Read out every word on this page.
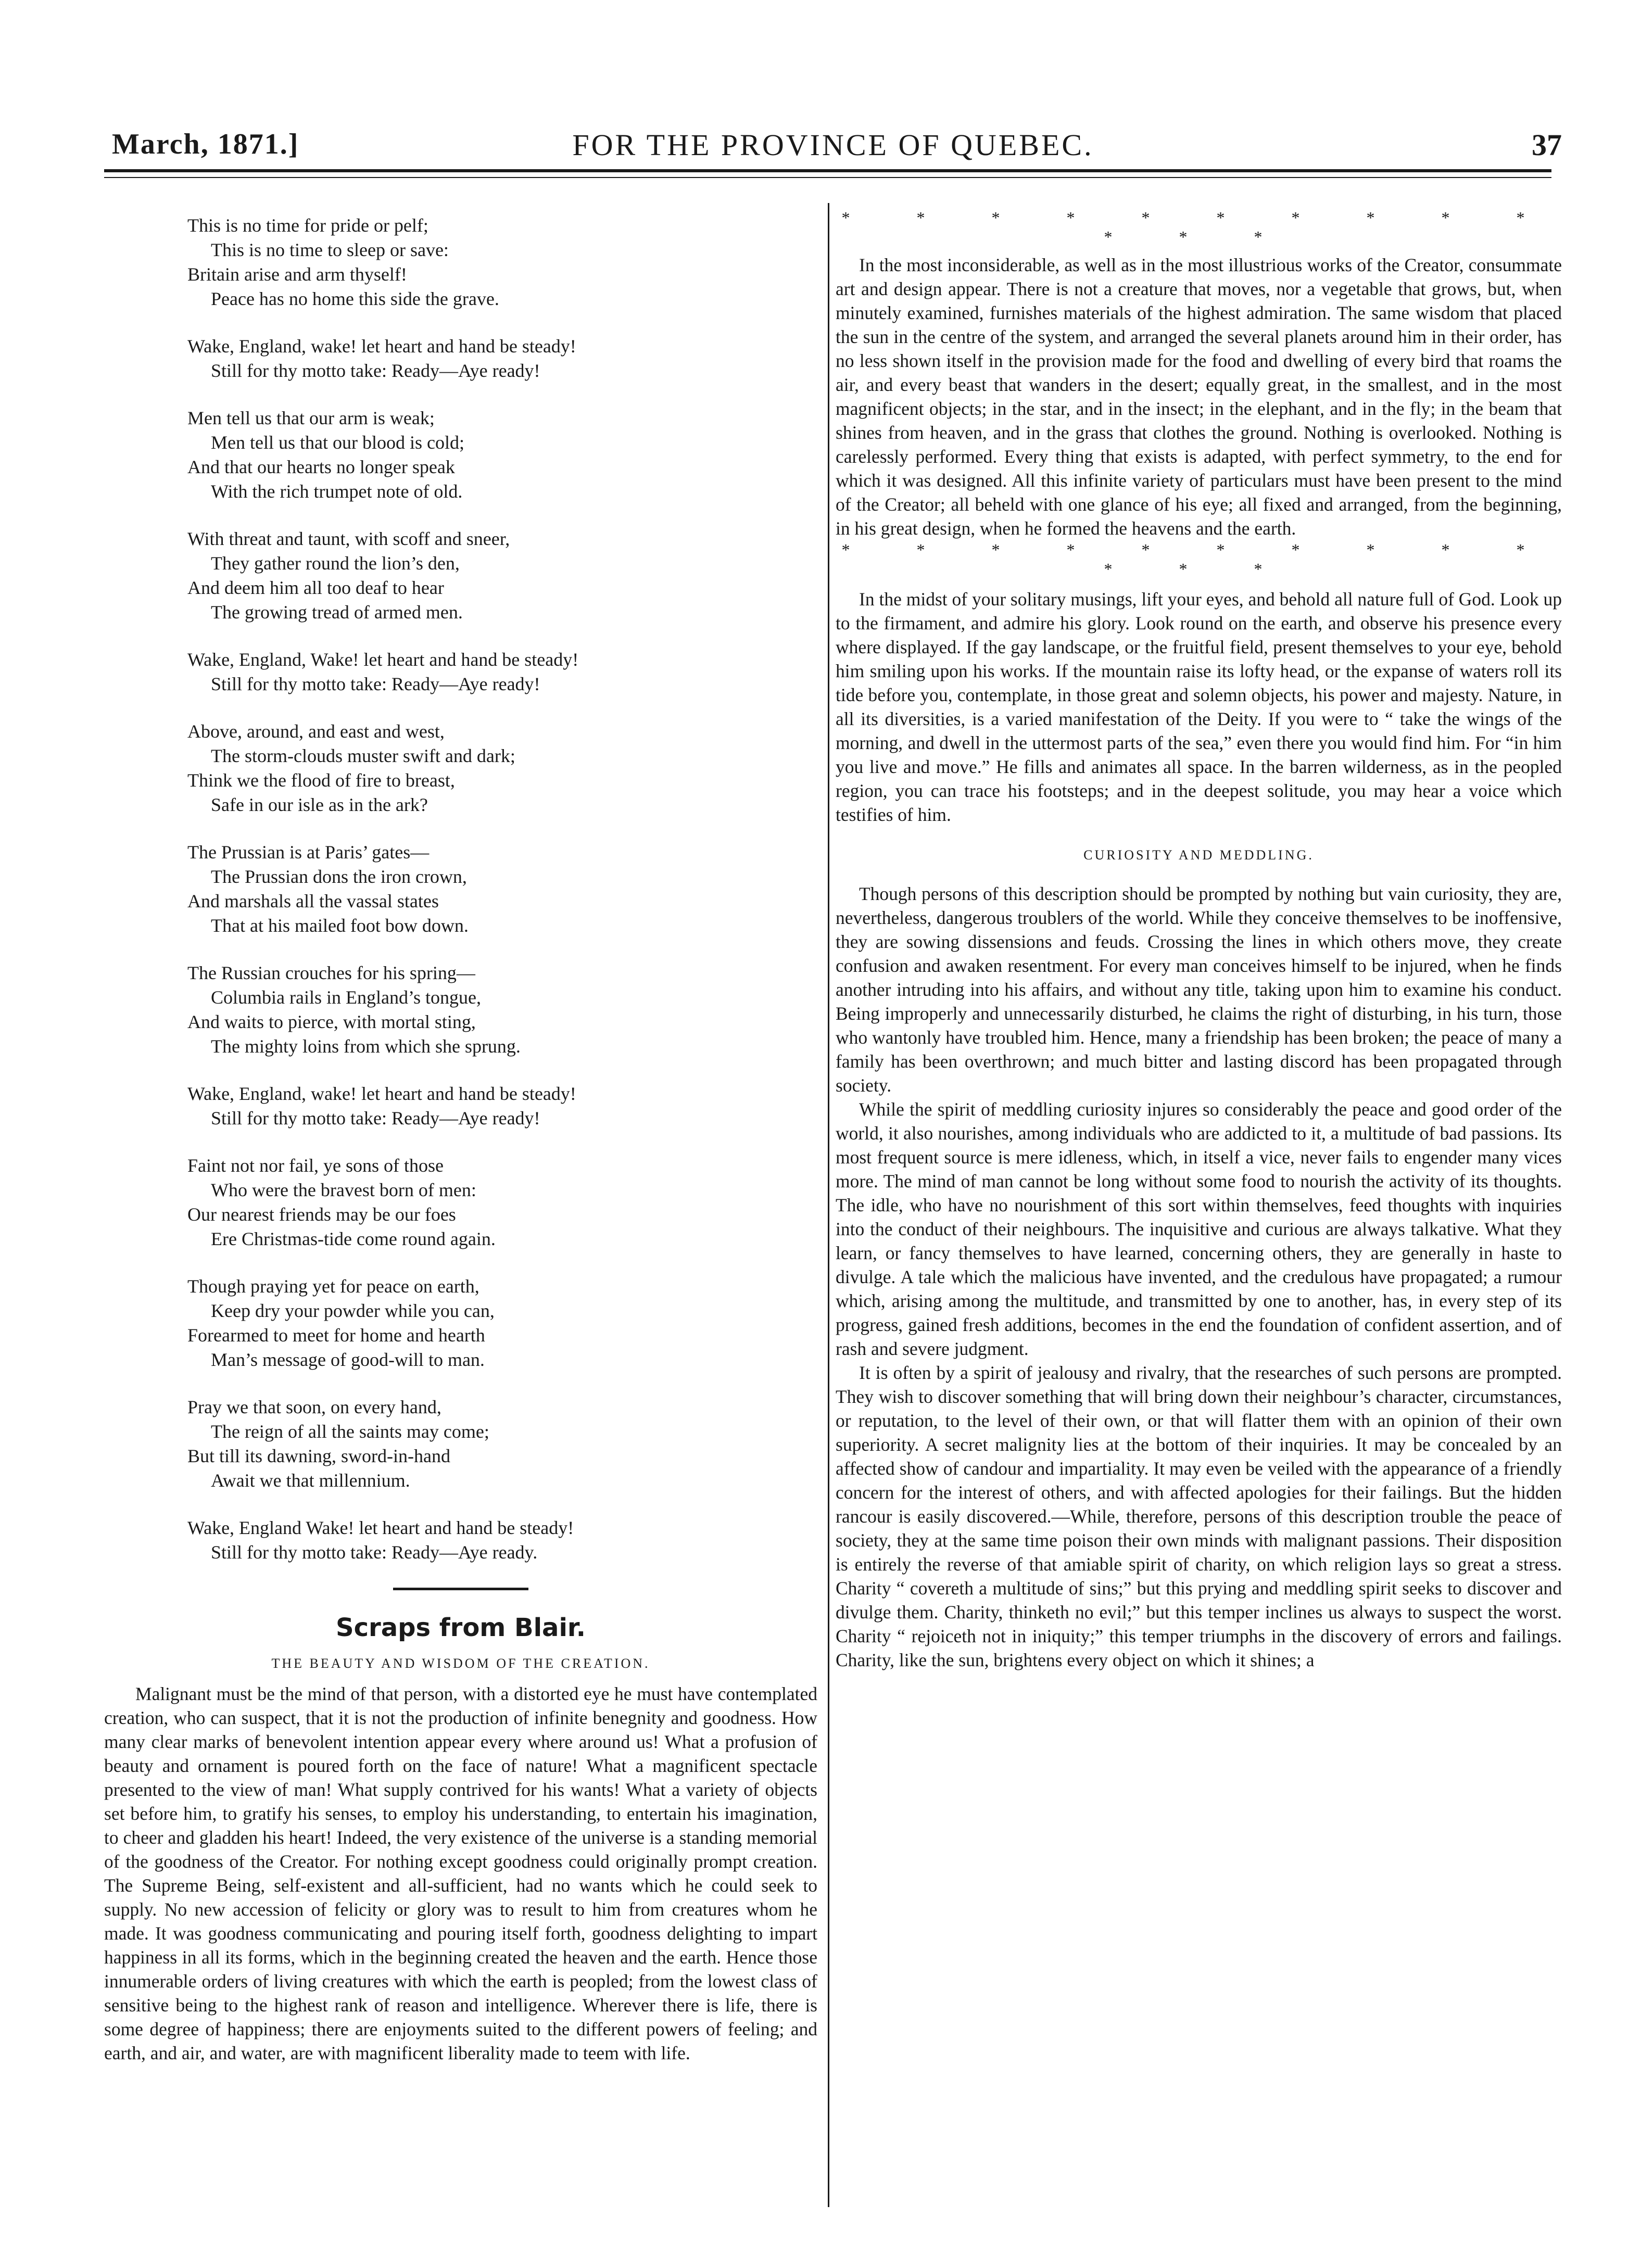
March, 1871.]	FOR THE PROVINCE OF QUEBEC.	37
This is no time for pride or pelf;
This is no time to sleep or save:
Britain arise and arm thyself!
Peace has no home this side the grave.
Wake, England, wake! let heart and hand be steady!
Still for thy motto take: Ready—Aye ready!
Men tell us that our arm is weak;
Men tell us that our blood is cold;
And that our hearts no longer speak
With the rich trumpet note of old.
With threat and taunt, with scoff and sneer,
They gather round the lion’s den,
And deem him all too deaf to hear
The growing tread of armed men.
Wake, England, Wake! let heart and hand be steady!
Still for thy motto take: Ready—Aye ready!
Above, around, and east and west,
The storm-clouds muster swift and dark;
Think we the flood of fire to breast,
Safe in our isle as in the ark?
The Prussian is at Paris’ gates—
The Prussian dons the iron crown,
And marshals all the vassal states
That at his mailed foot bow down.
The Russian crouches for his spring—
Columbia rails in England’s tongue,
And waits to pierce, with mortal sting,
The mighty loins from which she sprung.
Wake, England, wake! let heart and hand be steady!
Still for thy motto take: Ready—Aye ready!
Faint not nor fail, ye sons of those
Who were the bravest born of men:
Our nearest friends may be our foes
Ere Christmas-tide come round again.
Though praying yet for peace on earth,
Keep dry your powder while you can,
Forearmed to meet for home and hearth
Man’s message of good-will to man.
Pray we that soon, on every hand,
The reign of all the saints may come;
But till its dawning, sword-in-hand
Await we that millennium.
Wake, England Wake! let heart and hand be steady!
Still for thy motto take: Ready—Aye ready.
Scraps from Blair.
THE BEAUTY AND WISDOM OF THE CREATION.

Malignant must be the mind of that person, with a distorted eye he must have contemplated creation, who can suspect, that it is not the production of infinite benegnity and goodness. How many clear marks of benevolent intention appear every where around us! What a profusion of beauty and ornament is poured forth on the face of nature! What a magnificent spectacle presented to the view of man! What supply contrived for his wants! What a variety of objects set before him, to gratify his senses, to employ his understanding, to entertain his imagination, to cheer and gladden his heart! Indeed, the very existence of the universe is a standing memorial of the goodness of the Creator. For nothing except goodness could originally prompt creation. The Supreme Being, self-existent and all-sufficient, had no wants which he could seek to supply. No new accession of felicity or glory was to result to him from creatures whom he made. It was goodness communicating and pouring itself forth, goodness delighting to impart happiness in all its forms, which in the beginning created the heaven and the earth. Hence those innumerable orders of living creatures with which the earth is peopled; from the lowest class of sensitive being to the highest rank of reason and intelligence. Wherever there is life, there is some degree of happiness; there are enjoyments suited to the different powers of feeling; and earth, and air, and water, are with magnificent liberality made to teem with life.

* * * * * * * * * * * * *

In the most inconsiderable, as well as in the most illustrious works of the Creator, consummate art and design appear. There is not a creature that moves, nor a vegetable that grows, but, when minutely examined, furnishes materials of the highest admiration. The same wisdom that placed the sun in the centre of the system, and arranged the several planets around him in their order, has no less shown itself in the provision made for the food and dwelling of every bird that roams the air, and every beast that wanders in the desert; equally great, in the smallest, and in the most magnificent objects; in the star, and in the insect; in the elephant, and in the fly; in the beam that shines from heaven, and in the grass that clothes the ground. Nothing is overlooked. Nothing is carelessly performed. Every thing that exists is adapted, with perfect symmetry, to the end for which it was designed. All this infinite variety of particulars must have been present to the mind of the Creator; all beheld with one glance of his eye; all fixed and arranged, from the beginning, in his great design, when he formed the heavens and the earth.

* * * * * * * * * * * * *

In the midst of your solitary musings, lift your eyes, and behold all nature full of God. Look up to the firmament, and admire his glory. Look round on the earth, and observe his presence every where displayed. If the gay landscape, or the fruitful field, present themselves to your eye, behold him smiling upon his works. If the mountain raise its lofty head, or the expanse of waters roll its tide before you, contemplate, in those great and solemn objects, his power and majesty. Nature, in all its diversities, is a varied manifestation of the Deity. If you were to “ take the wings of the morning, and dwell in the uttermost parts of the sea,” even there you would find him. For “in him you live and move.” He fills and animates all space. In the barren wilderness, as in the peopled region, you can trace his footsteps; and in the deepest solitude, you may hear a voice which testifies of him.

CURIOSITY AND MEDDLING.

Though persons of this description should be prompted by nothing but vain curiosity, they are, nevertheless, dangerous troublers of the world. While they conceive themselves to be inoffensive, they are sowing dissensions and feuds. Crossing the lines in which others move, they create confusion and awaken resentment. For every man conceives himself to be injured, when he finds another intruding into his affairs, and without any title, taking upon him to examine his conduct. Being improperly and unnecessarily disturbed, he claims the right of disturbing, in his turn, those who wantonly have troubled him. Hence, many a friendship has been broken; the peace of many a family has been overthrown; and much bitter and lasting discord has been propagated through society.

While the spirit of meddling curiosity injures so considerably the peace and good order of the world, it also nourishes, among individuals who are addicted to it, a multitude of bad passions. Its most frequent source is mere idleness, which, in itself a vice, never fails to engender many vices more. The mind of man cannot be long without some food to nourish the activity of its thoughts. The idle, who have no nourishment of this sort within themselves, feed thoughts with inquiries into the conduct of their neighbours. The inquisitive and curious are always talkative. What they learn, or fancy themselves to have learned, concerning others, they are generally in haste to divulge. A tale which the malicious have invented, and the credulous have propagated; a rumour which, arising among the multitude, and transmitted by one to another, has, in every step of its progress, gained fresh additions, becomes in the end the foundation of confident assertion, and of rash and severe judgment.

It is often by a spirit of jealousy and rivalry, that the researches of such persons are prompted. They wish to discover something that will bring down their neighbour’s character, circumstances, or reputation, to the level of their own, or that will flatter them with an opinion of their own superiority. A secret malignity lies at the bottom of their inquiries. It may be concealed by an affected show of candour and impartiality. It may even be veiled with the appearance of a friendly concern for the interest of others, and with affected apologies for their failings. But the hidden rancour is easily discovered.—While, therefore, persons of this description trouble the peace of society, they at the same time poison their own minds with malignant passions. Their disposition is entirely the reverse of that amiable spirit of charity, on which religion lays so great a stress. Charity “ covereth a multitude of sins;” but this prying and meddling spirit seeks to discover and divulge them. Charity, thinketh no evil;” but this temper inclines us always to suspect the worst. Charity “ rejoiceth not in iniquity;” this temper triumphs in the discovery of errors and failings. Charity, like the sun, brightens every object on which it shines; a
